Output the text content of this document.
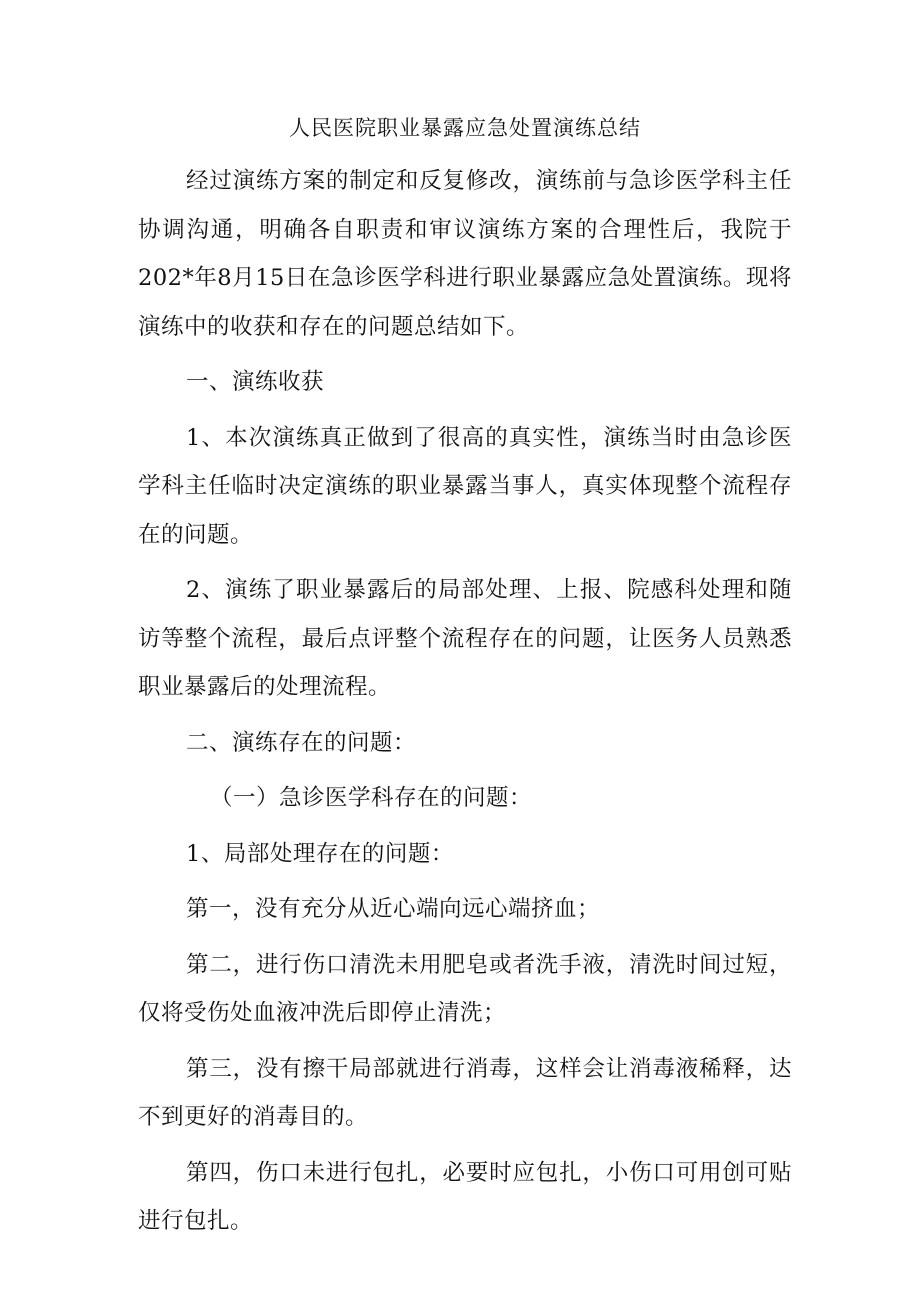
人民医院职业暴露应急处置演练总结

经过演练方案的制定和反复修改，演练前与急诊医学科主任协调沟通，明确各自职责和审议演练方案的合理性后，我院于202*年8月15日在急诊医学科进行职业暴露应急处置演练。现将演练中的收获和存在的问题总结如下。

一、演练收获

1、本次演练真正做到了很高的真实性，演练当时由急诊医学科主任临时决定演练的职业暴露当事人，真实体现整个流程存在的问题。

2、演练了职业暴露后的局部处理、上报、院感科处理和随访等整个流程，最后点评整个流程存在的问题，让医务人员熟悉职业暴露后的处理流程。

二、演练存在的问题：

（一）急诊医学科存在的问题：

1、局部处理存在的问题：

第一，没有充分从近心端向远心端挤血；

第二，进行伤口清洗未用肥皂或者洗手液，清洗时间过短，仅将受伤处血液冲洗后即停止清洗；

第三，没有擦干局部就进行消毒，这样会让消毒液稀释，达不到更好的消毒目的。

第四，伤口未进行包扎，必要时应包扎，小伤口可用创可贴进行包扎。
